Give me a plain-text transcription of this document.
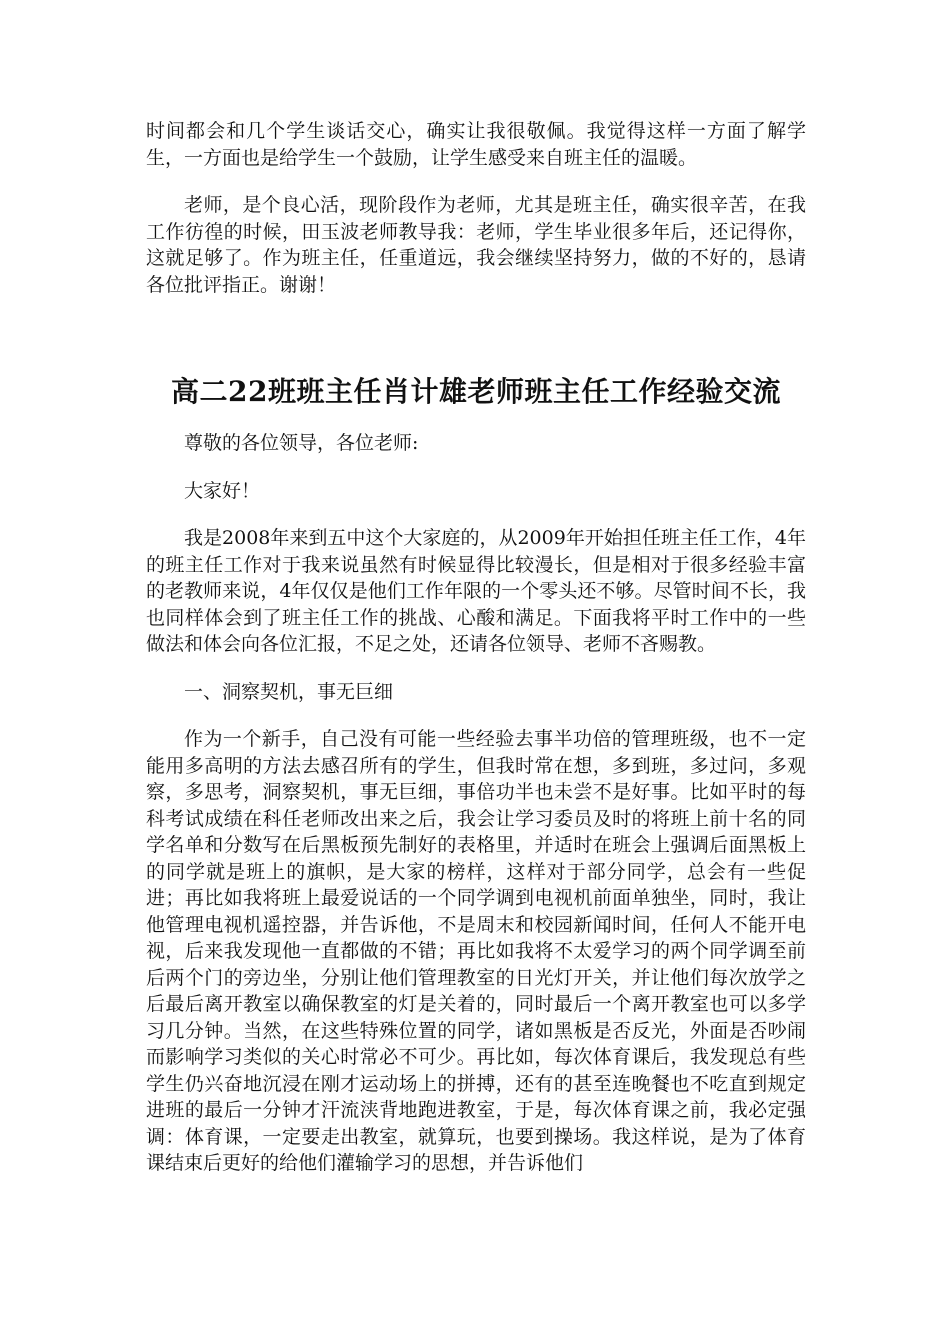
时间都会和几个学生谈话交心，确实让我很敬佩。我觉得这样一方面了解学生，一方面也是给学生一个鼓励，让学生感受来自班主任的温暖。

老师，是个良心活，现阶段作为老师，尤其是班主任，确实很辛苦，在我工作彷徨的时候，田玉波老师教导我：老师，学生毕业很多年后，还记得你，这就足够了。作为班主任，任重道远，我会继续坚持努力，做的不好的，恳请各位批评指正。谢谢！

高二22班班主任肖计雄老师班主任工作经验交流

尊敬的各位领导，各位老师:

大家好！

我是2008年来到五中这个大家庭的，从2009年开始担任班主任工作，4年的班主任工作对于我来说虽然有时候显得比较漫长，但是相对于很多经验丰富的老教师来说，4年仅仅是他们工作年限的一个零头还不够。尽管时间不长，我也同样体会到了班主任工作的挑战、心酸和满足。下面我将平时工作中的一些做法和体会向各位汇报，不足之处，还请各位领导、老师不吝赐教。

一、洞察契机，事无巨细

作为一个新手，自己没有可能一些经验去事半功倍的管理班级，也不一定能用多高明的方法去感召所有的学生，但我时常在想，多到班，多过问，多观察，多思考，洞察契机，事无巨细，事倍功半也未尝不是好事。比如平时的每科考试成绩在科任老师改出来之后，我会让学习委员及时的将班上前十名的同学名单和分数写在后黑板预先制好的表格里，并适时在班会上强调后面黑板上的同学就是班上的旗帜，是大家的榜样，这样对于部分同学，总会有一些促进；再比如我将班上最爱说话的一个同学调到电视机前面单独坐，同时，我让他管理电视机遥控器，并告诉他，不是周末和校园新闻时间，任何人不能开电视，后来我发现他一直都做的不错；再比如我将不太爱学习的两个同学调至前后两个门的旁边坐，分别让他们管理教室的日光灯开关，并让他们每次放学之后最后离开教室以确保教室的灯是关着的，同时最后一个离开教室也可以多学习几分钟。当然，在这些特殊位置的同学，诸如黑板是否反光，外面是否吵闹而影响学习类似的关心时常必不可少。再比如，每次体育课后，我发现总有些学生仍兴奋地沉浸在刚才运动场上的拼搏，还有的甚至连晚餐也不吃直到规定进班的最后一分钟才汗流浃背地跑进教室，于是，每次体育课之前，我必定强调：体育课，一定要走出教室，就算玩，也要到操场。我这样说，是为了体育课结束后更好的给他们灌输学习的思想，并告诉他们
